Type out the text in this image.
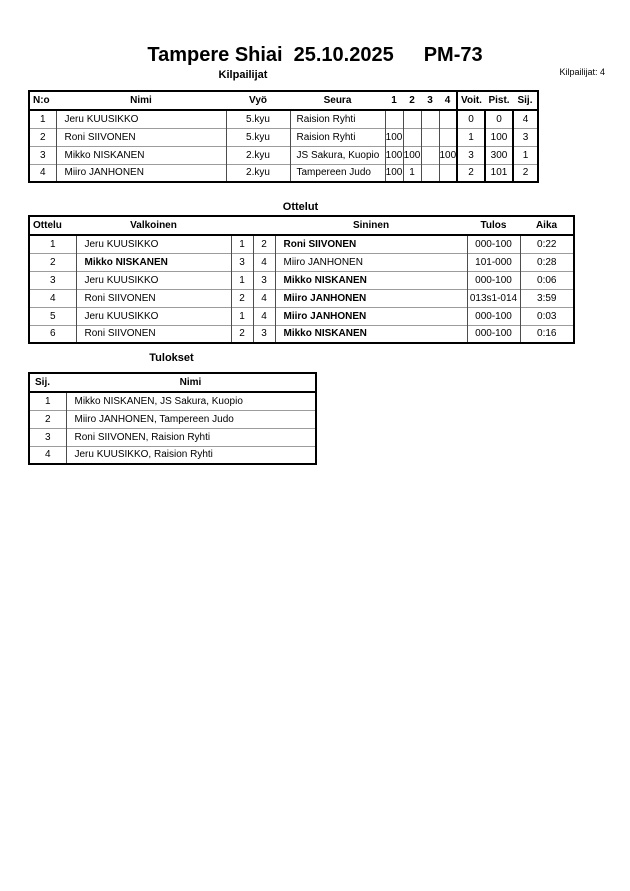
Tampere Shiai 25.10.2025 PM-73
Kilpailijat	Kilpailijat: 4
N:o	Nimi	Vyö	Seura	1	2	3	4	Voit.	Pist.	Sij.
1	Jeru KUUSIKKO	5.kyu	Raision Ryhti					0	0	4
2	Roni SIIVONEN	5.kyu	Raision Ryhti	100				1	100	3
3	Mikko NISKANEN	2.kyu	JS Sakura, Kuopio	100	100		100	3	300	1
4	Miiro JANHONEN	2.kyu	Tampereen Judo	100	1			2	101	2
Ottelut
Ottelu	Valkoinen			Sininen	Tulos	Aika
1	Jeru KUUSIKKO	1	2	Roni SIIVONEN	000-100	0:22
2	Mikko NISKANEN	3	4	Miiro JANHONEN	101-000	0:28
3	Jeru KUUSIKKO	1	3	Mikko NISKANEN	000-100	0:06
4	Roni SIIVONEN	2	4	Miiro JANHONEN	013s1-014	3:59
5	Jeru KUUSIKKO	1	4	Miiro JANHONEN	000-100	0:03
6	Roni SIIVONEN	2	3	Mikko NISKANEN	000-100	0:16
Tulokset
Sij.	Nimi
1	Mikko NISKANEN, JS Sakura, Kuopio
2	Miiro JANHONEN, Tampereen Judo
3	Roni SIIVONEN, Raision Ryhti
4	Jeru KUUSIKKO, Raision Ryhti
